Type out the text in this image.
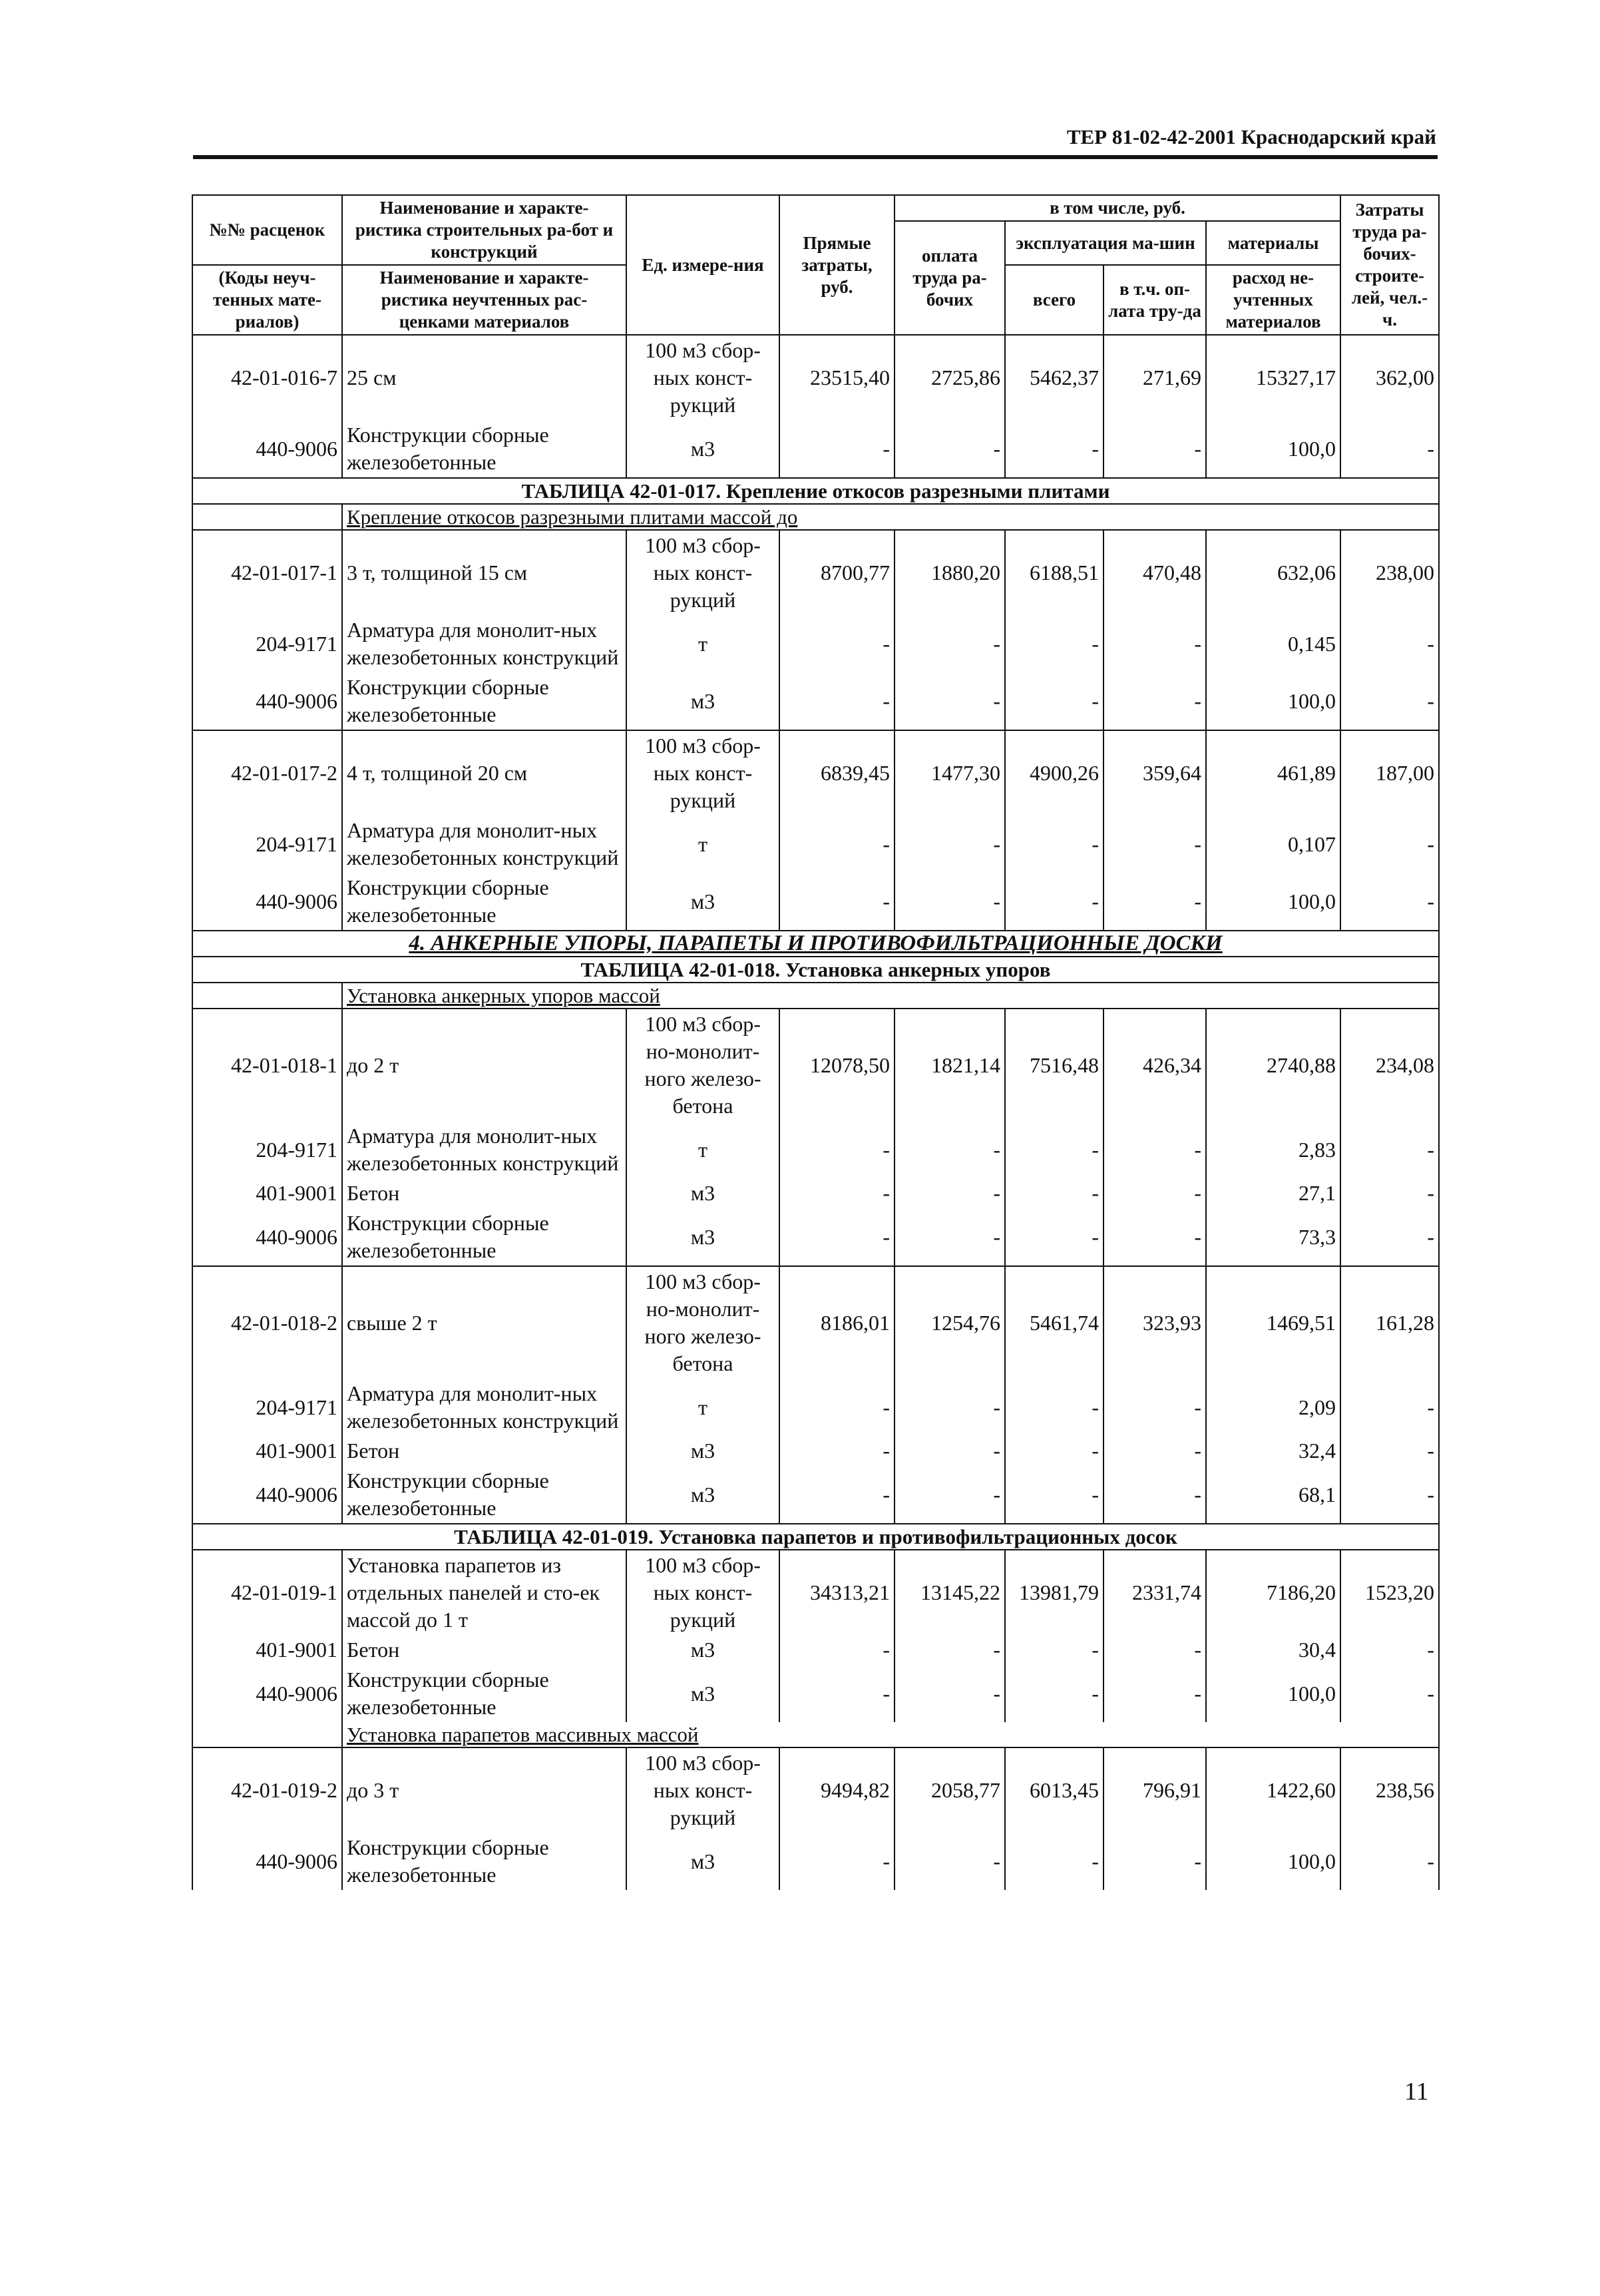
ТЕР 81-02-42-2001 Краснодарский край
№№ расценок	Наименование и характе-ристика строительных ра-бот и конструкций	Ед. измере-ния	Прямые затраты, руб.	в том числе, руб.				Затраты труда ра-бочих-строите-лей, чел.-ч.
				оплата труда ра-бочих	эксплуатация ма-шин		материалы	
(Коды неуч-тенных мате-риалов)	Наименование и характе-ристика неучтенных рас-ценками материалов				всего	в т.ч. оп-лата тру-да	расход не-учтенных материалов	

42-01-016-7	25 см	100 м3 сбор-ных конст-рукций	23515,40	2725,86	5462,37	271,69	15327,17	362,00
440-9006	Конструкции сборные железобетонные	м3	-	-	-	-	100,0	-
ТАБЛИЦА 42-01-017. Крепление откосов разрезными плитами								
	Крепление откосов разрезными плитами массой до							
42-01-017-1	3 т, толщиной 15 см	100 м3 сбор-ных конст-рукций	8700,77	1880,20	6188,51	470,48	632,06	238,00
204-9171	Арматура для монолит-ных железобетонных конструкций	т	-	-	-	-	0,145	-
440-9006	Конструкции сборные железобетонные	м3	-	-	-	-	100,0	-
42-01-017-2	4 т, толщиной 20 см	100 м3 сбор-ных конст-рукций	6839,45	1477,30	4900,26	359,64	461,89	187,00
204-9171	Арматура для монолит-ных железобетонных конструкций	т	-	-	-	-	0,107	-
440-9006	Конструкции сборные железобетонные	м3	-	-	-	-	100,0	-
4. АНКЕРНЫЕ УПОРЫ, ПАРАПЕТЫ И ПРОТИВОФИЛЬТРАЦИОННЫЕ ДОСКИ								
ТАБЛИЦА 42-01-018. Установка анкерных упоров								
	Установка анкерных упоров массой							
42-01-018-1	до 2 т	100 м3 сбор-но-монолит-ного железо-бетона	12078,50	1821,14	7516,48	426,34	2740,88	234,08
204-9171	Арматура для монолит-ных железобетонных конструкций	т	-	-	-	-	2,83	-
401-9001	Бетон	м3	-	-	-	-	27,1	-
440-9006	Конструкции сборные железобетонные	м3	-	-	-	-	73,3	-
42-01-018-2	свыше 2 т	100 м3 сбор-но-монолит-ного железо-бетона	8186,01	1254,76	5461,74	323,93	1469,51	161,28
204-9171	Арматура для монолит-ных железобетонных конструкций	т	-	-	-	-	2,09	-
401-9001	Бетон	м3	-	-	-	-	32,4	-
440-9006	Конструкции сборные железобетонные	м3	-	-	-	-	68,1	-
ТАБЛИЦА 42-01-019. Установка парапетов и противофильтрационных досок								
42-01-019-1	Установка парапетов из отдельных панелей и сто-ек массой до 1 т	100 м3 сбор-ных конст-рукций	34313,21	13145,22	13981,79	2331,74	7186,20	1523,20
401-9001	Бетон	м3	-	-	-	-	30,4	-
440-9006	Конструкции сборные железобетонные	м3	-	-	-	-	100,0	-
	Установка парапетов массивных массой							
42-01-019-2	до 3 т	100 м3 сбор-ных конст-рукций	9494,82	2058,77	6013,45	796,91	1422,60	238,56
440-9006	Конструкции сборные железобетонные	м3	-	-	-	-	100,0	-
11
